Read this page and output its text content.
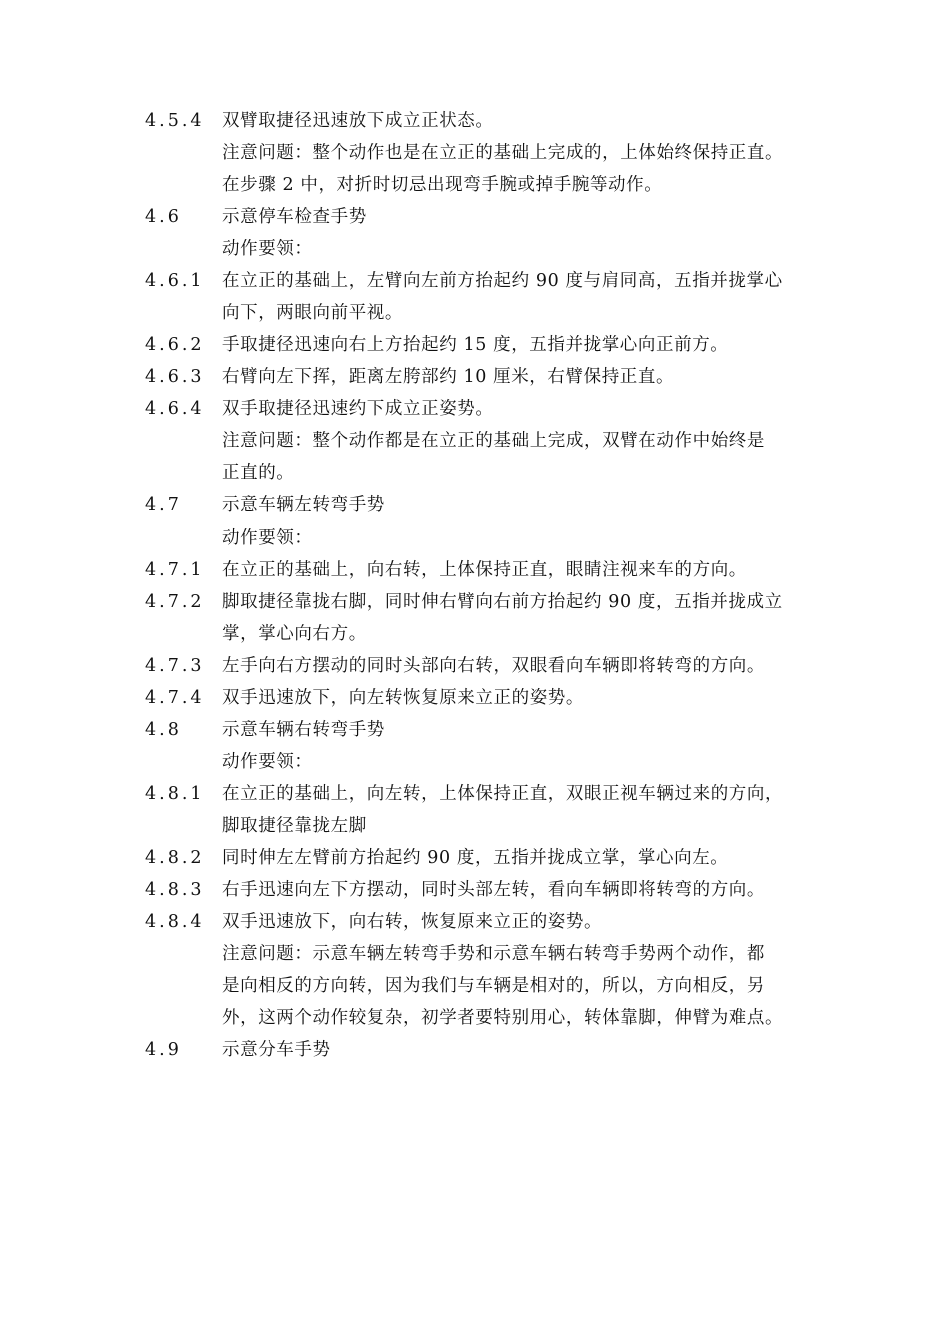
4.5.4 双臂取捷径迅速放下成立正状态。
注意问题：整个动作也是在立正的基础上完成的，上体始终保持正直。
在步骤 2 中，对折时切忌出现弯手腕或掉手腕等动作。
4.6 示意停车检查手势
动作要领：
4.6.1 在立正的基础上，左臂向左前方抬起约 90 度与肩同高，五指并拢掌心
向下，两眼向前平视。
4.6.2 手取捷径迅速向右上方抬起约 15 度，五指并拢掌心向正前方。
4.6.3 右臂向左下挥，距离左胯部约 10 厘米，右臂保持正直。
4.6.4 双手取捷径迅速约下成立正姿势。
注意问题：整个动作都是在立正的基础上完成，双臂在动作中始终是
正直的。
4.7 示意车辆左转弯手势
动作要领：
4.7.1 在立正的基础上，向右转，上体保持正直，眼睛注视来车的方向。
4.7.2 脚取捷径靠拢右脚，同时伸右臂向右前方抬起约 90 度，五指并拢成立
掌，掌心向右方。
4.7.3 左手向右方摆动的同时头部向右转，双眼看向车辆即将转弯的方向。
4.7.4 双手迅速放下，向左转恢复原来立正的姿势。
4.8 示意车辆右转弯手势
动作要领：
4.8.1 在立正的基础上，向左转，上体保持正直，双眼正视车辆过来的方向，
脚取捷径靠拢左脚
4.8.2 同时伸左左臂前方抬起约 90 度，五指并拢成立掌，掌心向左。
4.8.3 右手迅速向左下方摆动，同时头部左转，看向车辆即将转弯的方向。
4.8.4 双手迅速放下，向右转，恢复原来立正的姿势。
注意问题：示意车辆左转弯手势和示意车辆右转弯手势两个动作，都
是向相反的方向转，因为我们与车辆是相对的，所以，方向相反，另
外，这两个动作较复杂，初学者要特别用心，转体靠脚，伸臂为难点。
4.9 示意分车手势
